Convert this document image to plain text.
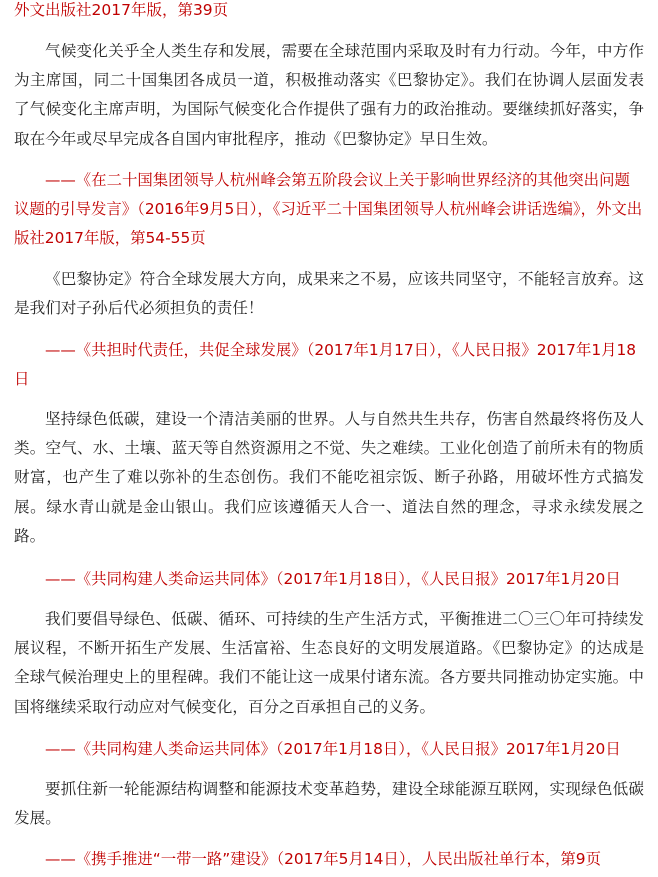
外文出版社2017年版，第39页

气候变化关乎全人类生存和发展，需要在全球范围内采取及时有力行动。今年，中方作为主席国，同二十国集团各成员一道，积极推动落实《巴黎协定》。我们在协调人层面发表了气候变化主席声明，为国际气候变化合作提供了强有力的政治推动。要继续抓好落实，争取在今年或尽早完成各自国内审批程序，推动《巴黎协定》早日生效。

——《在二十国集团领导人杭州峰会第五阶段会议上关于影响世界经济的其他突出问题议题的引导发言》（2016年9月5日），《习近平二十国集团领导人杭州峰会讲话选编》，外文出版社2017年版，第54-55页

《巴黎协定》符合全球发展大方向，成果来之不易，应该共同坚守，不能轻言放弃。这是我们对子孙后代必须担负的责任！

——《共担时代责任，共促全球发展》（2017年1月17日），《人民日报》2017年1月18日

坚持绿色低碳，建设一个清洁美丽的世界。人与自然共生共存，伤害自然最终将伤及人类。空气、水、土壤、蓝天等自然资源用之不觉、失之难续。工业化创造了前所未有的物质财富，也产生了难以弥补的生态创伤。我们不能吃祖宗饭、断子孙路，用破坏性方式搞发展。绿水青山就是金山银山。我们应该遵循天人合一、道法自然的理念，寻求永续发展之路。

——《共同构建人类命运共同体》（2017年1月18日），《人民日报》2017年1月20日

我们要倡导绿色、低碳、循环、可持续的生产生活方式，平衡推进二〇三〇年可持续发展议程，不断开拓生产发展、生活富裕、生态良好的文明发展道路。《巴黎协定》的达成是全球气候治理史上的里程碑。我们不能让这一成果付诸东流。各方要共同推动协定实施。中国将继续采取行动应对气候变化，百分之百承担自己的义务。

——《共同构建人类命运共同体》（2017年1月18日），《人民日报》2017年1月20日

要抓住新一轮能源结构调整和能源技术变革趋势，建设全球能源互联网，实现绿色低碳发展。

——《携手推进“一带一路”建设》（2017年5月14日），人民出版社单行本，第9页
